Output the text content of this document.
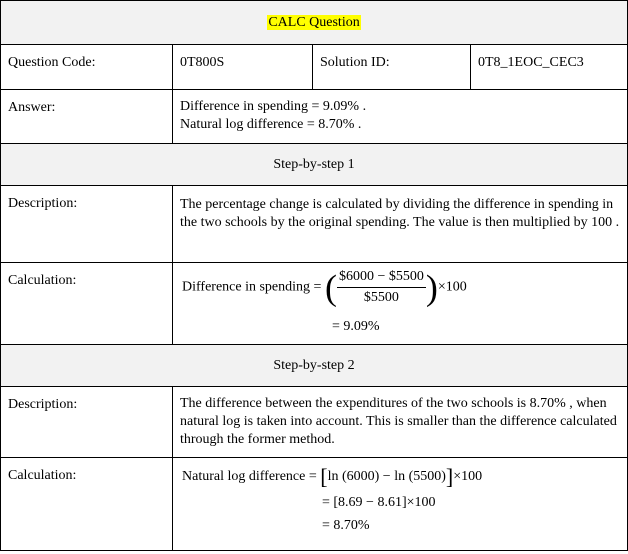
CALC Question			
Question Code:	0T800S	Solution ID:	0T8_1EOC_CEC3
Answer:	Difference in spending = 9.09% .
Natural log difference = 8.70% .		

Step-by-step 1			
Description:	The percentage change is calculated by dividing the difference in spending in the two schools by the original spending. The value is then multiplied by 100 .		

Calculation:	Difference in spending = ( $\frac{\$6000 - \$5500}{\$5500} )\times 100$
= 9.09%		

Step-by-step 2			
Description:	The difference between the expenditures of the two schools is 8.70% , when natural log is taken into account. This is smaller than the difference calculated through the former method.		

Calculation:	Natural log difference = [ln (6000) − ln (5500)]×100
= [8.69 − 8.61]×100
= 8.70%		
